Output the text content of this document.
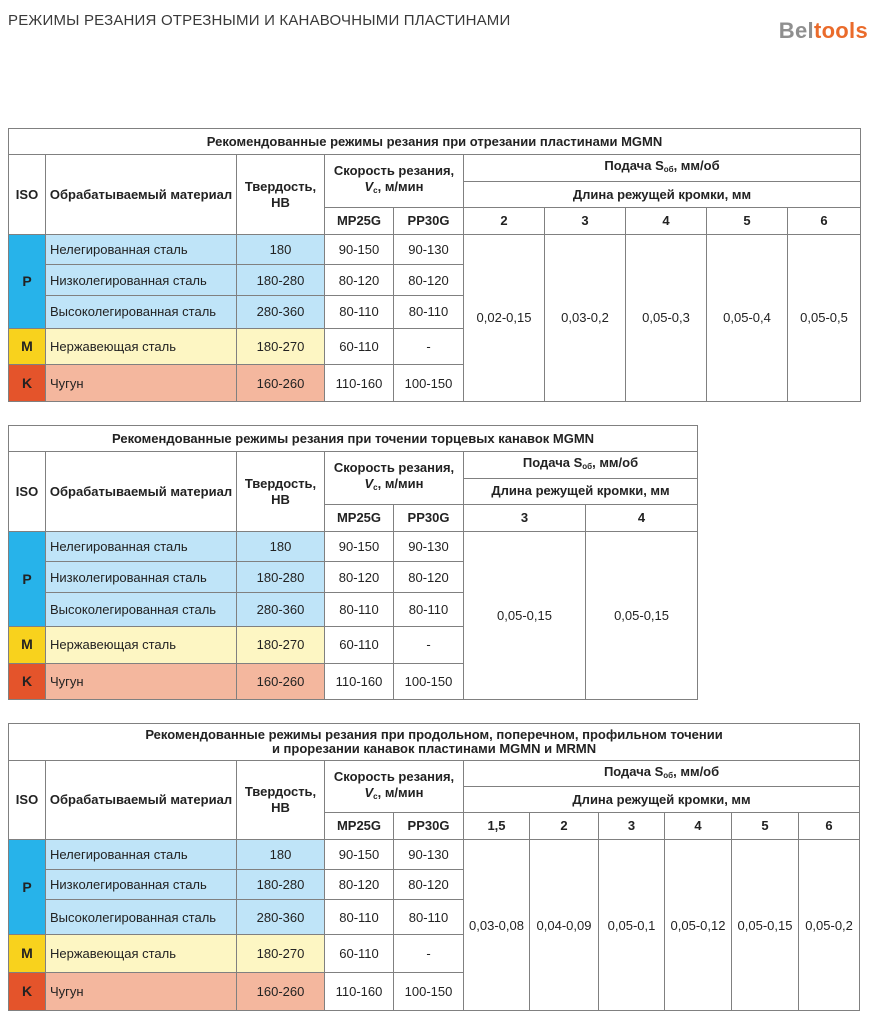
РЕЖИМЫ РЕЗАНИЯ ОТРЕЗНЫМИ И КАНАВОЧНЫМИ ПЛАСТИНАМИ	Beltools
Рекомендованные режимы резания при отрезании пластинами MGMN									
ISO	Обрабатываемый материал	Твердость, НВ	Скорость резания,
$V_c$, м/мин		Подача $S_{об}$, мм/об				
					Длина режущей кромки, мм				
			MP25G	PP30G	2	3	4	5	6
P	Нелегированная сталь	180	90-150	90-130	0,02-0,15	0,03-0,2	0,05-0,3	0,05-0,4	0,05-0,5
	Низколегированная сталь	180-280	80-120	80-120					
	Высоколегированная сталь	280-360	80-110	80-110					
M	Нержавеющая сталь	180-270	60-110	-					
K	Чугун	160-260	110-160	100-150					
Рекомендованные режимы резания при точении торцевых канавок MGMN						
ISO	Обрабатываемый материал	Твердость, НВ	Скорость резания,
$V_c$, м/мин		Подача $S_{об}$, мм/об	
					Длина режущей кромки, мм	
			MP25G	PP30G	3	4
P	Нелегированная сталь	180	90-150	90-130	0,05-0,15	0,05-0,15
	Низколегированная сталь	180-280	80-120	80-120		
	Высоколегированная сталь	280-360	80-110	80-110		
M	Нержавеющая сталь	180-270	60-110	-		
K	Чугун	160-260	110-160	100-150		
Рекомендованные режимы резания при продольном, поперечном, профильном точении
и прорезании канавок пластинами MGMN и MRMN										
ISO	Обрабатываемый материал	Твердость, НВ	Скорость резания,
$V_c$, м/мин		Подача $S_{об}$, мм/об					
					Длина режущей кромки, мм					
			MP25G	PP30G	1,5	2	3	4	5	6
P	Нелегированная сталь	180	90-150	90-130	0,03-0,08	0,04-0,09	0,05-0,1	0,05-0,12	0,05-0,15	0,05-0,2
	Низколегированная сталь	180-280	80-120	80-120						
	Высоколегированная сталь	280-360	80-110	80-110						
M	Нержавеющая сталь	180-270	60-110	-						
K	Чугун	160-260	110-160	100-150						
